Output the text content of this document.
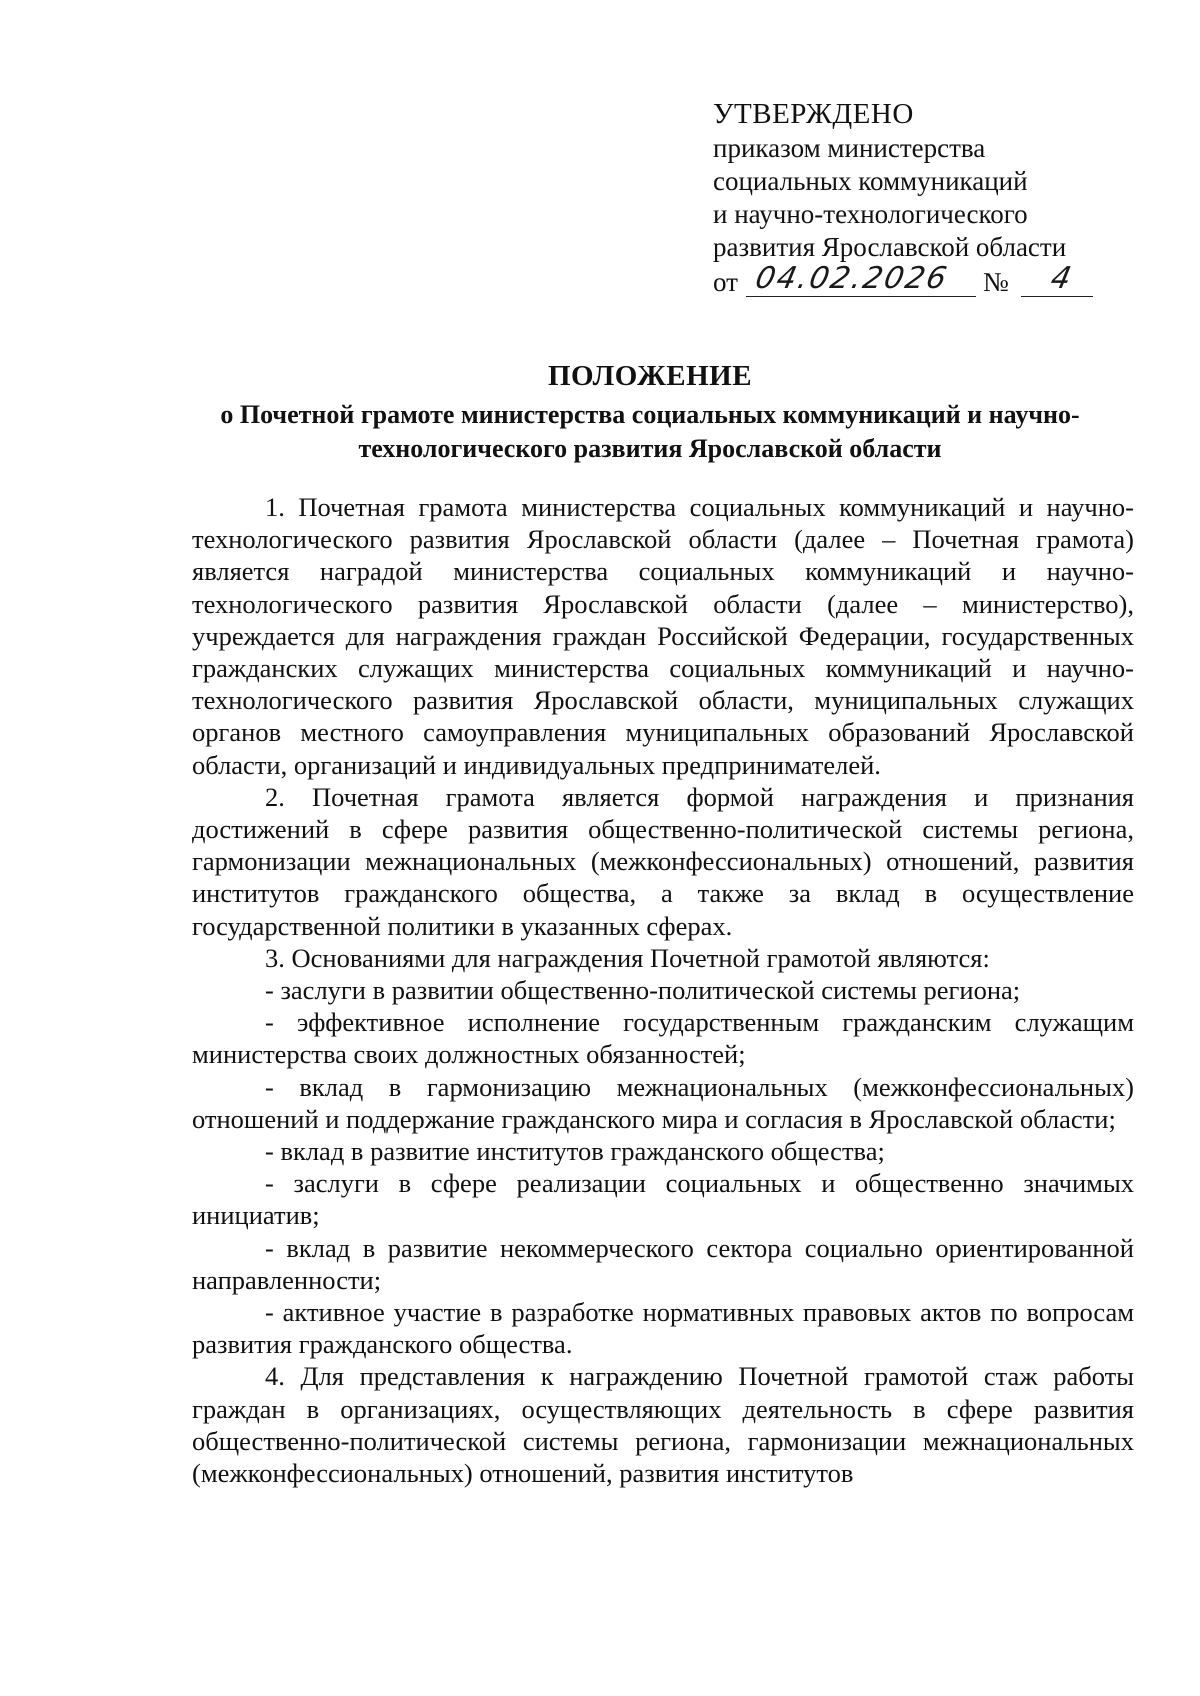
УТВЕРЖДЕНО
приказом министерства
социальных коммуникаций
и научно-технологического
развития Ярославской области
от 04.02.2026	№	4
ПОЛОЖЕНИЕ
о Почетной грамоте министерства социальных коммуникаций и научно-
технологического развития Ярославской области

1. Почетная грамота министерства социальных коммуникаций и научно-технологического развития Ярославской области (далее – Почетная грамота) является наградой министерства социальных коммуникаций и научно-технологического развития Ярославской области (далее – министерство), учреждается для награждения граждан Российской Федерации, государственных гражданских служащих министерства социальных коммуникаций и научно-технологического развития Ярославской области, муниципальных служащих органов местного самоуправления муниципальных образований Ярославской области, организаций и индивидуальных предпринимателей.

2. Почетная грамота является формой награждения и признания достижений в сфере развития общественно-политической системы региона, гармонизации межнациональных (межконфессиональных) отношений, развития институтов гражданского общества, а также за вклад в осуществление государственной политики в указанных сферах.

3. Основаниями для награждения Почетной грамотой являются:

- заслуги в развитии общественно-политической системы региона;

- эффективное исполнение государственным гражданским служащим министерства своих должностных обязанностей;

- вклад в гармонизацию межнациональных (межконфессиональных) отношений и поддержание гражданского мира и согласия в Ярославской области;

- вклад в развитие институтов гражданского общества;

- заслуги в сфере реализации социальных и общественно значимых инициатив;

- вклад в развитие некоммерческого сектора социально ориентированной направленности;

- активное участие в разработке нормативных правовых актов по вопросам развития гражданского общества.

4. Для представления к награждению Почетной грамотой стаж работы граждан в организациях, осуществляющих деятельность в сфере развития общественно-политической системы региона, гармонизации межнациональных (межконфессиональных) отношений, развития институтов
